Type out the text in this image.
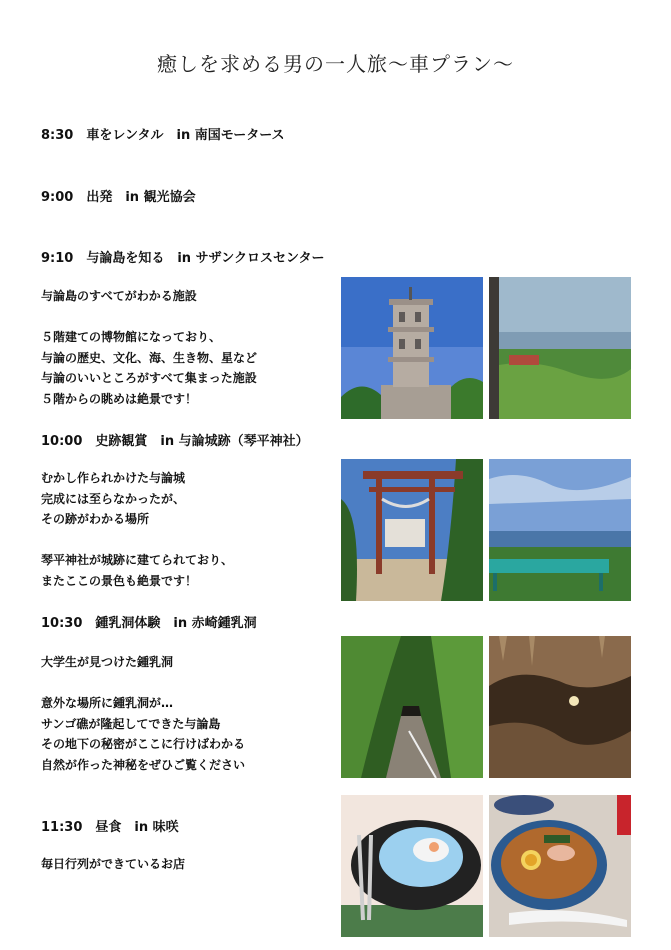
癒しを求める男の一人旅～車プラン～
8:30　車をレンタル　in 南国モータース
9:00　出発　in 観光協会
9:10　与論島を知る　in サザンクロスセンター
与論島のすべてがわかる施設
５階建ての博物館になっており、
与論の歴史、文化、海、生き物、星など
与論のいいところがすべて集まった施設
５階からの眺めは絶景です！
10:00　史跡観賞　in 与論城跡（琴平神社）
むかし作られかけた与論城
完成には至らなかったが、
その跡がわかる場所
琴平神社が城跡に建てられており、
またここの景色も絶景です！
10:30　鍾乳洞体験　in 赤崎鍾乳洞
大学生が見つけた鍾乳洞
意外な場所に鍾乳洞が…
サンゴ礁が隆起してできた与論島
その地下の秘密がここに行けばわかる
自然が作った神秘をぜひご覧ください
11:30　昼食　in 味咲
毎日行列ができているお店
